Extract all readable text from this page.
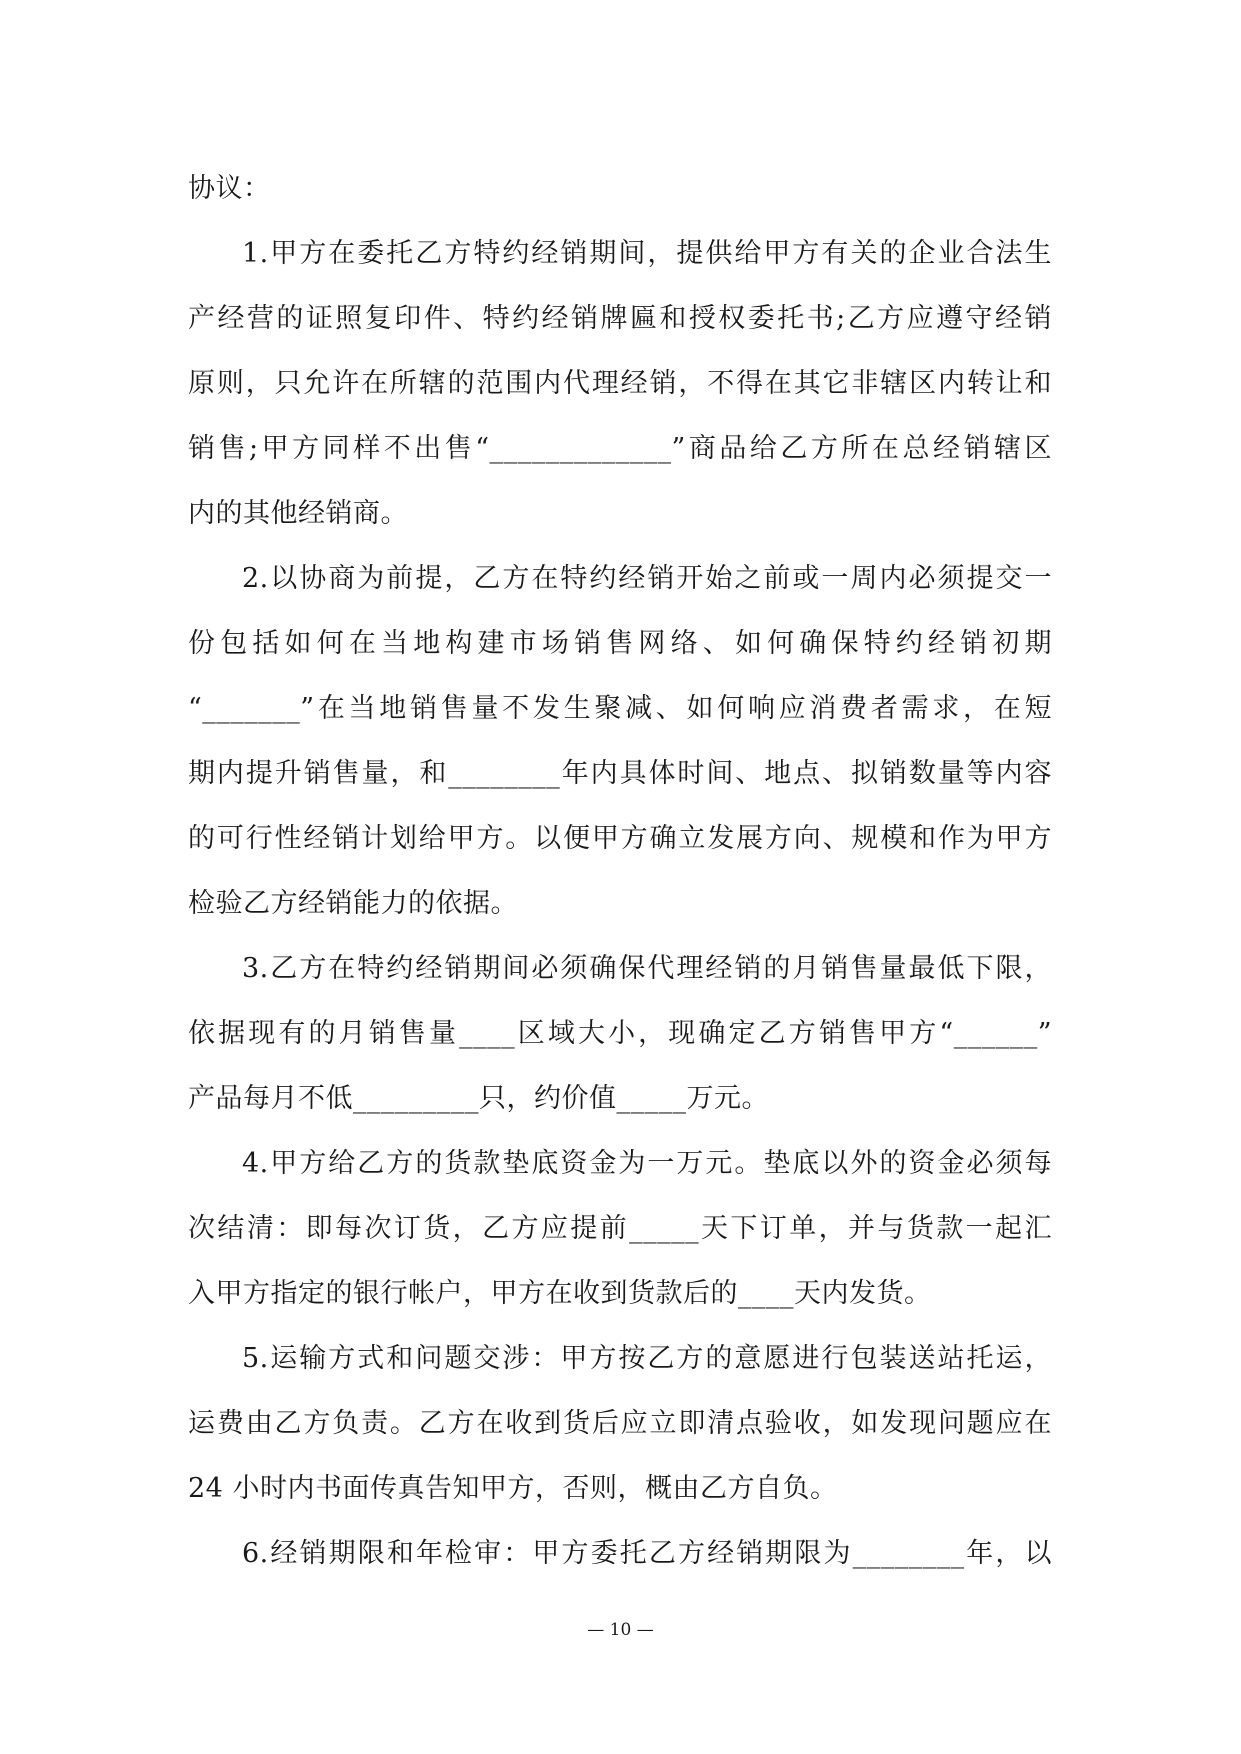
协议：
1.甲方在委托乙方特约经销期间，提供给甲方有关的企业合法生
产经营的证照复印件、特约经销牌匾和授权委托书;乙方应遵守经销
原则，只允许在所辖的范围内代理经销，不得在其它非辖区内转让和
销售;甲方同样不出售“_____________”商品给乙方所在总经销辖区
内的其他经销商。
2.以协商为前提，乙方在特约经销开始之前或一周内必须提交一
份包括如何在当地构建市场销售网络、如何确保特约经销初期
“_______”在当地销售量不发生聚减、如何响应消费者需求，在短
期内提升销售量，和________年内具体时间、地点、拟销数量等内容
的可行性经销计划给甲方。以便甲方确立发展方向、规模和作为甲方
检验乙方经销能力的依据。
3.乙方在特约经销期间必须确保代理经销的月销售量最低下限，
依据现有的月销售量____区域大小，现确定乙方销售甲方“______”
产品每月不低_________只，约价值_____万元。
4.甲方给乙方的货款垫底资金为一万元。垫底以外的资金必须每
次结清：即每次订货，乙方应提前_____天下订单，并与货款一起汇
入甲方指定的银行帐户，甲方在收到货款后的____天内发货。
5.运输方式和问题交涉：甲方按乙方的意愿进行包装送站托运，
运费由乙方负责。乙方在收到货后应立即清点验收，如发现问题应在
24 小时内书面传真告知甲方，否则，概由乙方自负。
6.经销期限和年检审：甲方委托乙方经销期限为________年，以
— 10 —
